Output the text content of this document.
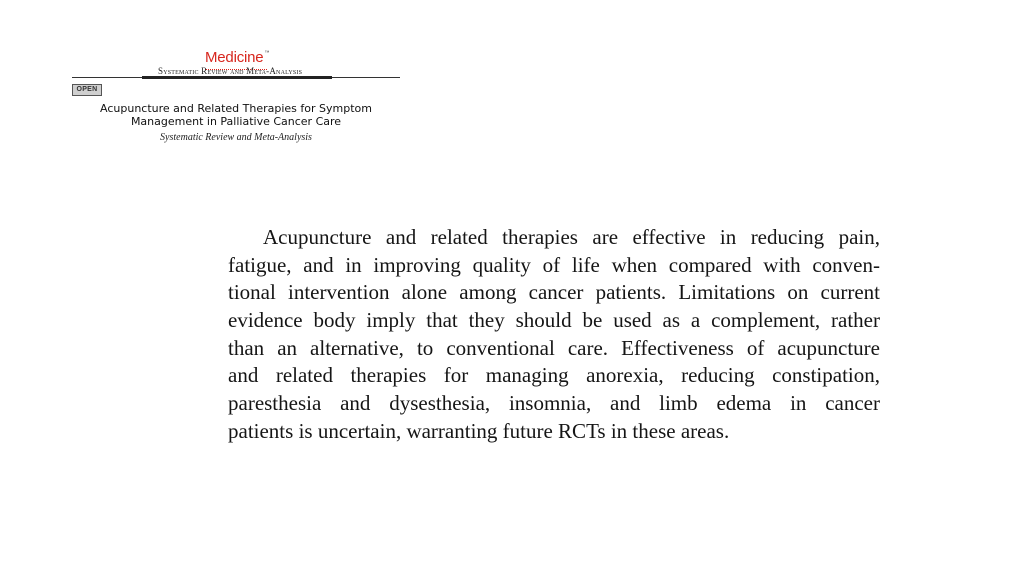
Medicine™
Systematic Review and Meta-Analysis
OPEN
Acupuncture and Related Therapies for Symptom
Management in Palliative Cancer Care
Systematic Review and Meta-Analysis
Acupuncture and related therapies are effective in reducing pain,
fatigue, and in improving quality of life when compared with conven-
tional intervention alone among cancer patients. Limitations on current
evidence body imply that they should be used as a complement, rather
than an alternative, to conventional care. Effectiveness of acupuncture
and related therapies for managing anorexia, reducing constipation,
paresthesia and dysesthesia, insomnia, and limb edema in cancer
patients is uncertain, warranting future RCTs in these areas.
